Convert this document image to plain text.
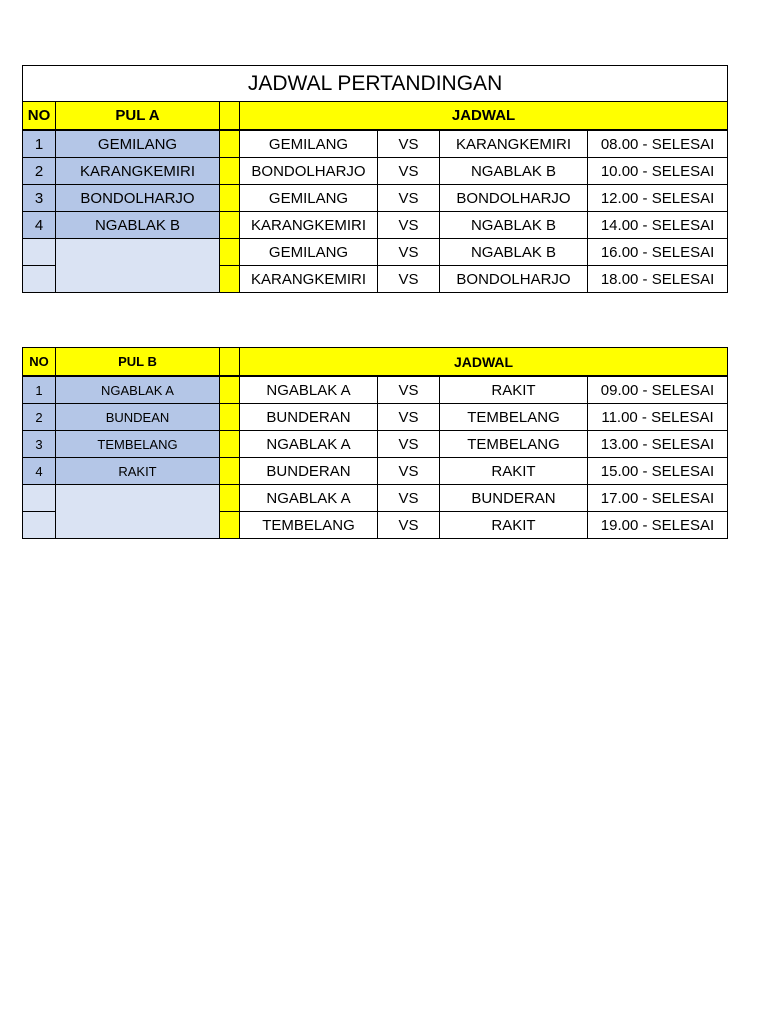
JADWAL PERTANDINGAN						
NO	PUL A		JADWAL			
1	GEMILANG		GEMILANG	VS	KARANGKEMIRI	08.00 - SELESAI
2	KARANGKEMIRI		BONDOLHARJO	VS	NGABLAK B	10.00 - SELESAI
3	BONDOLHARJO		GEMILANG	VS	BONDOLHARJO	12.00 - SELESAI
4	NGABLAK B		KARANGKEMIRI	VS	NGABLAK B	14.00 - SELESAI
			GEMILANG	VS	NGABLAK B	16.00 - SELESAI
			KARANGKEMIRI	VS	BONDOLHARJO	18.00 - SELESAI
NO	PUL B		JADWAL			
1	NGABLAK A		NGABLAK A	VS	RAKIT	09.00 - SELESAI
2	BUNDEAN		BUNDERAN	VS	TEMBELANG	11.00 - SELESAI
3	TEMBELANG		NGABLAK A	VS	TEMBELANG	13.00 - SELESAI
4	RAKIT		BUNDERAN	VS	RAKIT	15.00 - SELESAI
			NGABLAK A	VS	BUNDERAN	17.00 - SELESAI
			TEMBELANG	VS	RAKIT	19.00 - SELESAI
